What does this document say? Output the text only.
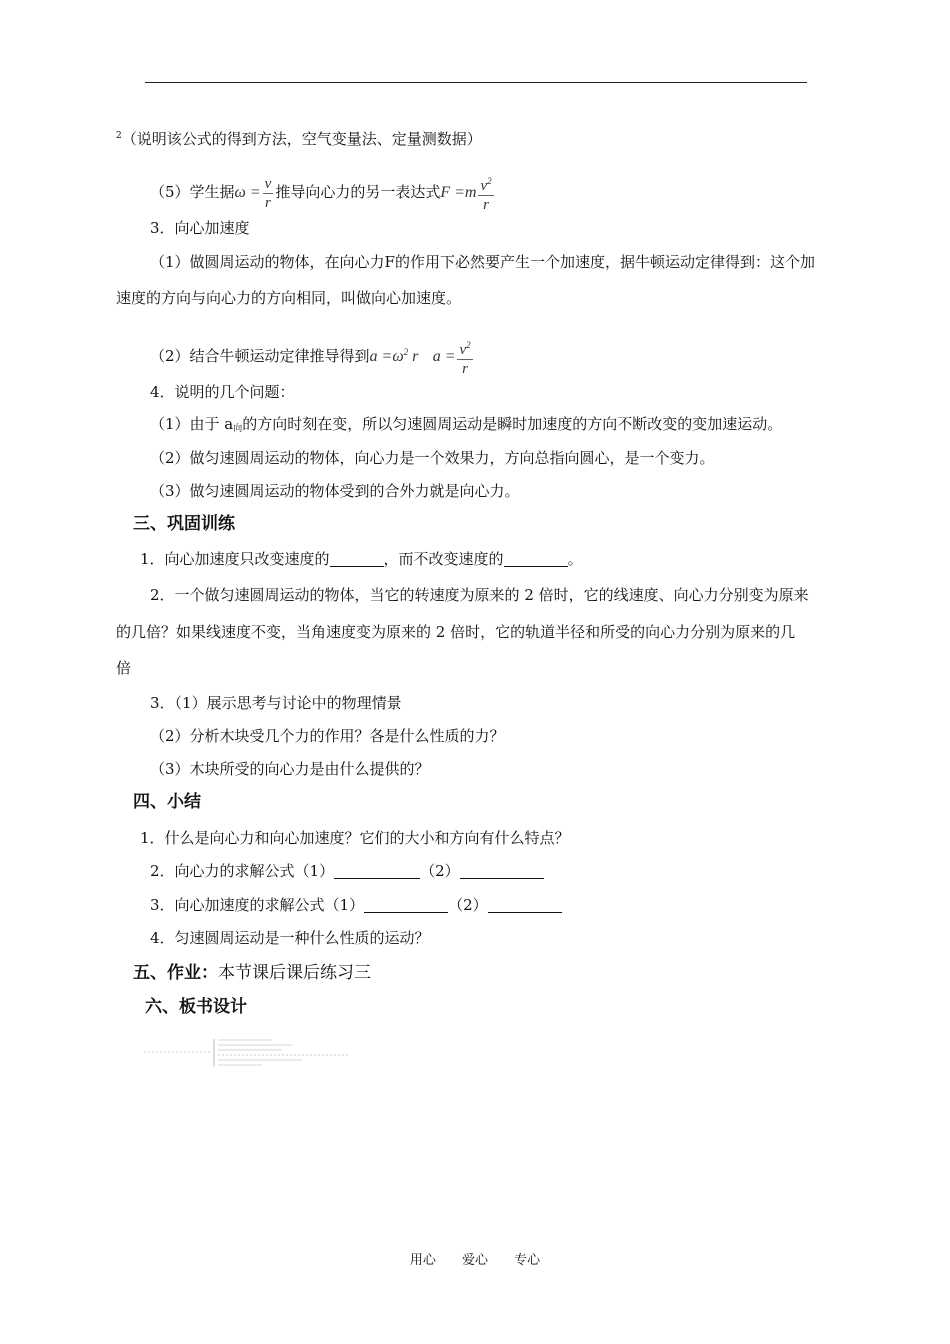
$^2$（说明该公式的得到方法，空气变量法、定量测数据）
（5）学生据$\omega = \frac{v}{r}$ 推导向心力的另一表达式$F =m \frac{v^2}{r}$
3．向心加速度
（1）做圆周运动的物体，在向心力F的作用下必然要产生一个加速度，据牛顿运动定律得到：这个加
速度的方向与向心力的方向相同，叫做向心加速度。
（2）结合牛顿运动定律推导得到$a =\omega^2$ r $a = \frac{v^2}{r}$
4．说明的几个问题：
（1）由于 $a_向$的方向时刻在变，所以匀速圆周运动是瞬时加速度的方向不断改变的变加速运动。
（2）做匀速圆周运动的物体，向心力是一个效果力，方向总指向圆心，是一个变力。
（3）做匀速圆周运动的物体受到的合外力就是向心力。
三、巩固训练
1．向心加速度只改变速度的	，而不改变速度的	。
2．一个做匀速圆周运动的物体，当它的转速度为原来的 2 倍时，它的线速度、向心力分别变为原来
的几倍？如果线速度不变，当角速度变为原来的 2 倍时，它的轨道半径和所受的向心力分别为原来的几
倍
3．（1）展示思考与讨论中的物理情景
（2）分析木块受几个力的作用？各是什么性质的力？
（3）木块所受的向心力是由什么提供的？
四、小结
1．什么是向心力和向心加速度？它们的大小和方向有什么特点？
2．向心力的求解公式（1）	（2）
3．向心加速度的求解公式（1）	（2）
4．匀速圆周运动是一种什么性质的运动？
五、作业：本节课后课后练习三
六、板书设计
用心 爱心 专心
